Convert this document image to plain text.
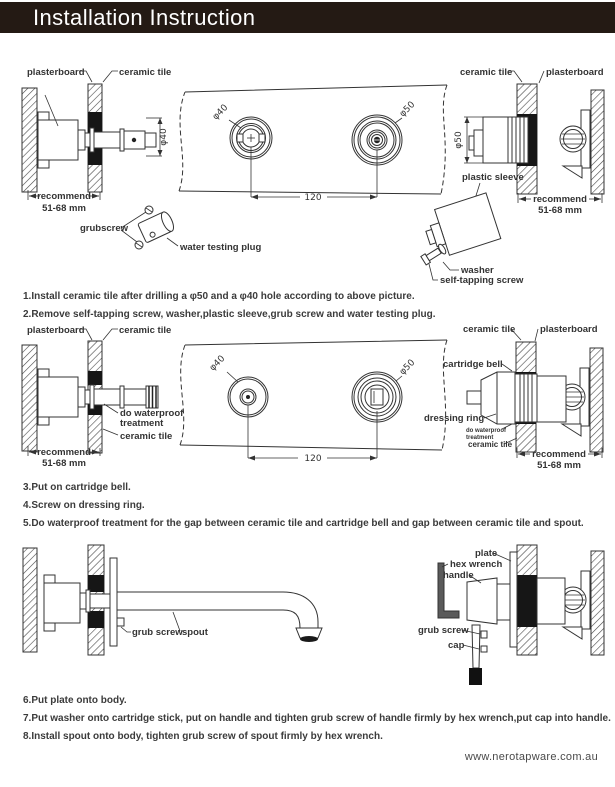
Installation Instruction
plasterboard	ceramic tile
φ40
recommend
51-68 mm
grubscrew
water testing plug
φ40	φ50
120
ceramic tile	plasterboard
φ50
recommend
51-68 mm
plastic sleeve
washer
self-tapping screw

1.Install ceramic tile after drilling a φ50 and a φ40 hole according to above picture.

2.Remove self-tapping screw, washer,plastic sleeve,grub screw and water testing plug.

plasterboard	ceramic tile
do waterproof
treatment
ceramic tile
recommend
51-68 mm
φ40	φ50
120
ceramic tile	plasterboard
cartridge bell
dressing ring
do waterproof
treatment
ceramic tile
recommend
51-68 mm

3.Put on cartridge bell.

4.Screw on dressing ring.

5.Do waterproof treatment for the gap between ceramic tile and cartridge bell and gap between ceramic tile and spout.

grub screw spout
plate
hex wrench
handle
grub screw
cap

6.Put plate onto body.

7.Put washer onto cartridge stick, put on handle and tighten grub screw of handle firmly by hex wrench,put cap into handle.

8.Install spout onto body, tighten grub screw of spout firmly by hex wrench.

www.nerotapware.com.au
